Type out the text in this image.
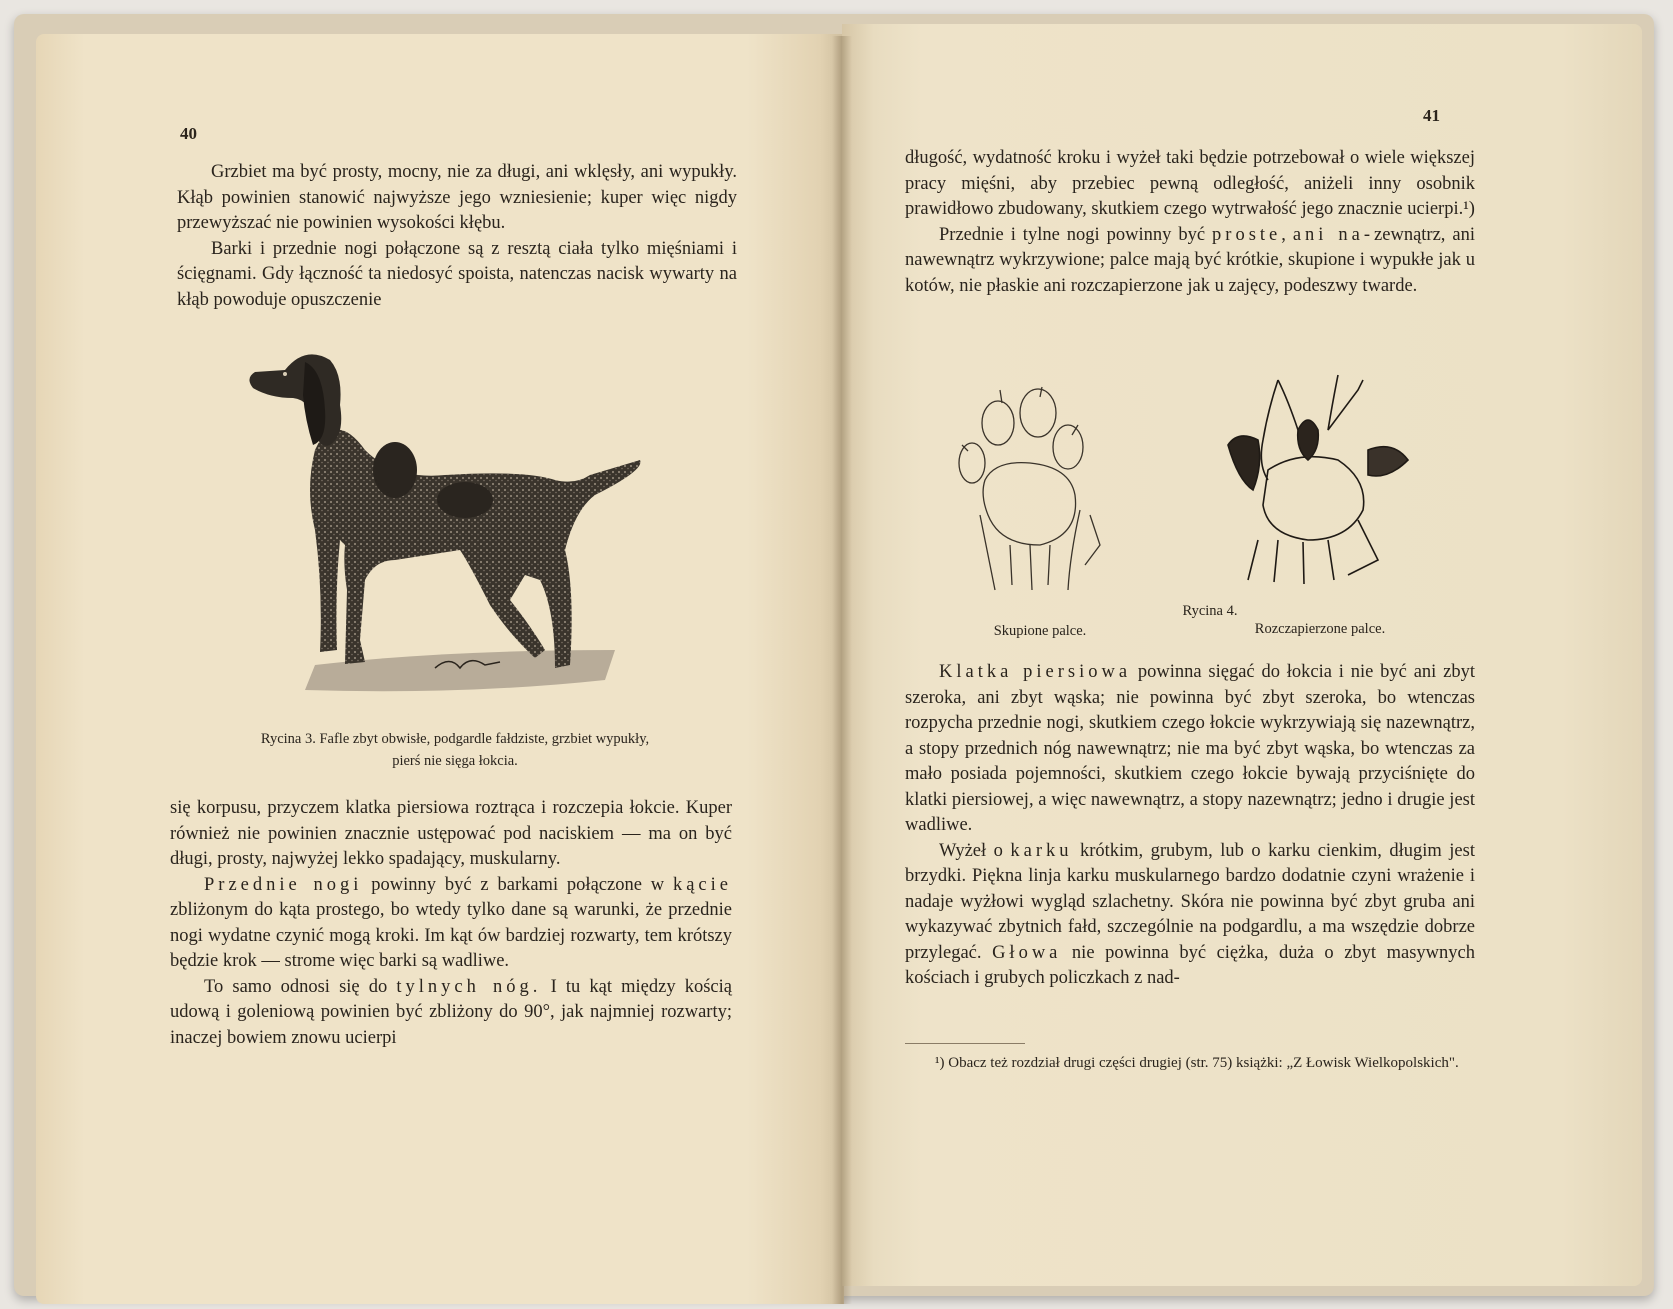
40

Grzbiet ma być prosty, mocny, nie za długi, ani wklęsły, ani wypukły. Kłąb powinien stanowić najwyższe jego wzniesienie; kuper więc nigdy przewyższać nie powinien wysokości kłębu.

Barki i przednie nogi połączone są z resztą ciała tylko mięśniami i ścięgnami. Gdy łączność ta niedosyć spoista, natenczas nacisk wywarty na kłąb powoduje opuszczenie

Rycina 3. Fafle zbyt obwisłe, podgardle fałdziste, grzbiet wypukły,
pierś nie sięga łokcia.

się korpusu, przyczem klatka piersiowa roztrąca i rozczepia łokcie. Kuper również nie powinien znacznie ustępować pod naciskiem — ma on być długi, prosty, najwyżej lekko spadający, muskularny.

Przednie nogi powinny być z barkami połączone w kącie zbliżonym do kąta prostego, bo wtedy tylko dane są warunki, że przednie nogi wydatne czynić mogą kroki. Im kąt ów bardziej rozwarty, tem krótszy będzie krok — strome więc barki są wadliwe.

To samo odnosi się do tylnych nóg. I tu kąt między kością udową i goleniową powinien być zbliżony do 90°, jak najmniej rozwarty; inaczej bowiem znowu ucierpi

41

długość, wydatność kroku i wyżeł taki będzie potrzebował o wiele większej pracy mięśni, aby przebiec pewną odległość, aniżeli inny osobnik prawidłowo zbudowany, skutkiem czego wytrwałość jego znacznie ucierpi.¹)

Przednie i tylne nogi powinny być proste, ani na-zewnątrz, ani nawewnątrz wykrzywione; palce mają być krótkie, skupione i wypukłe jak u kotów, nie płaskie ani rozczapierzone jak u zajęcy, podeszwy twarde.

Rycina 4.
Skupione palce.	Rozczapierzone palce.

Klatka piersiowa powinna sięgać do łokcia i nie być ani zbyt szeroka, ani zbyt wąska; nie powinna być zbyt szeroka, bo wtenczas rozpycha przednie nogi, skutkiem czego łokcie wykrzywiają się nazewnątrz, a stopy przednich nóg nawewnątrz; nie ma być zbyt wąska, bo wtenczas za mało posiada pojemności, skutkiem czego łokcie bywają przyciśnięte do klatki piersiowej, a więc nawewnątrz, a stopy nazewnątrz; jedno i drugie jest wadliwe.

Wyżeł o karku krótkim, grubym, lub o karku cienkim, długim jest brzydki. Piękna linja karku muskularnego bardzo dodatnie czyni wrażenie i nadaje wyżłowi wygląd szlachetny. Skóra nie powinna być zbyt gruba ani wykazywać zbytnich fałd, szczególnie na podgardlu, a ma wszędzie dobrze przylegać. Głowa nie powinna być ciężka, duża o zbyt masywnych kościach i grubych policzkach z nad-

¹) Obacz też rozdział drugi części drugiej (str. 75) książki: „Z Łowisk Wielkopolskich".
